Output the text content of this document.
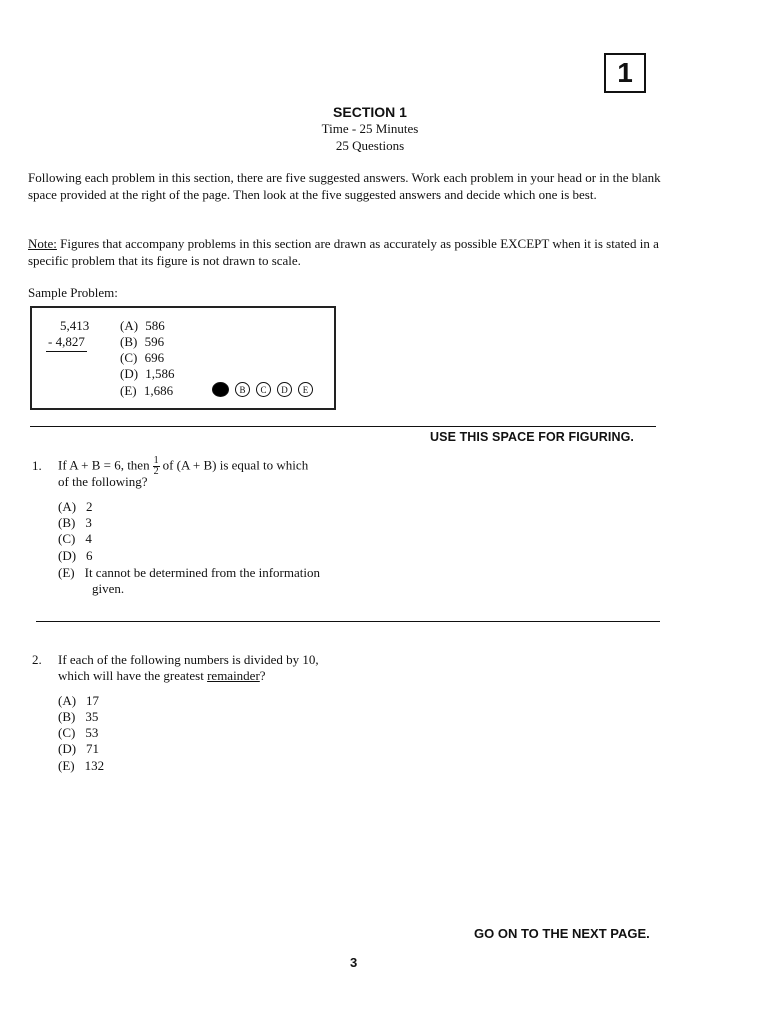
1
SECTION 1
Time - 25 Minutes
25 Questions
Following each problem in this section, there are five suggested answers. Work each problem in your head or in the blank space provided at the right of the page. Then look at the five suggested answers and decide which one is best.
Note: Figures that accompany problems in this section are drawn as accurately as possible EXCEPT when it is stated in a specific problem that its figure is not drawn to scale.
Sample Problem:
5,413
- 4,827
(A) 586
(B) 596
(C) 696
(D) 1,586
(E) 1,686	B	C	D	E
USE THIS SPACE FOR FIGURING.
1. If A + B = 6, then $\frac{1}{2}$ of (A + B) is equal to which
of the following?
(A) 2
(B) 3
(C) 4
(D) 6
(E) It cannot be determined from the information
given.
2. If each of the following numbers is divided by 10,
which will have the greatest remainder?
(A) 17
(B) 35
(C) 53
(D) 71
(E) 132
GO ON TO THE NEXT PAGE.
3
